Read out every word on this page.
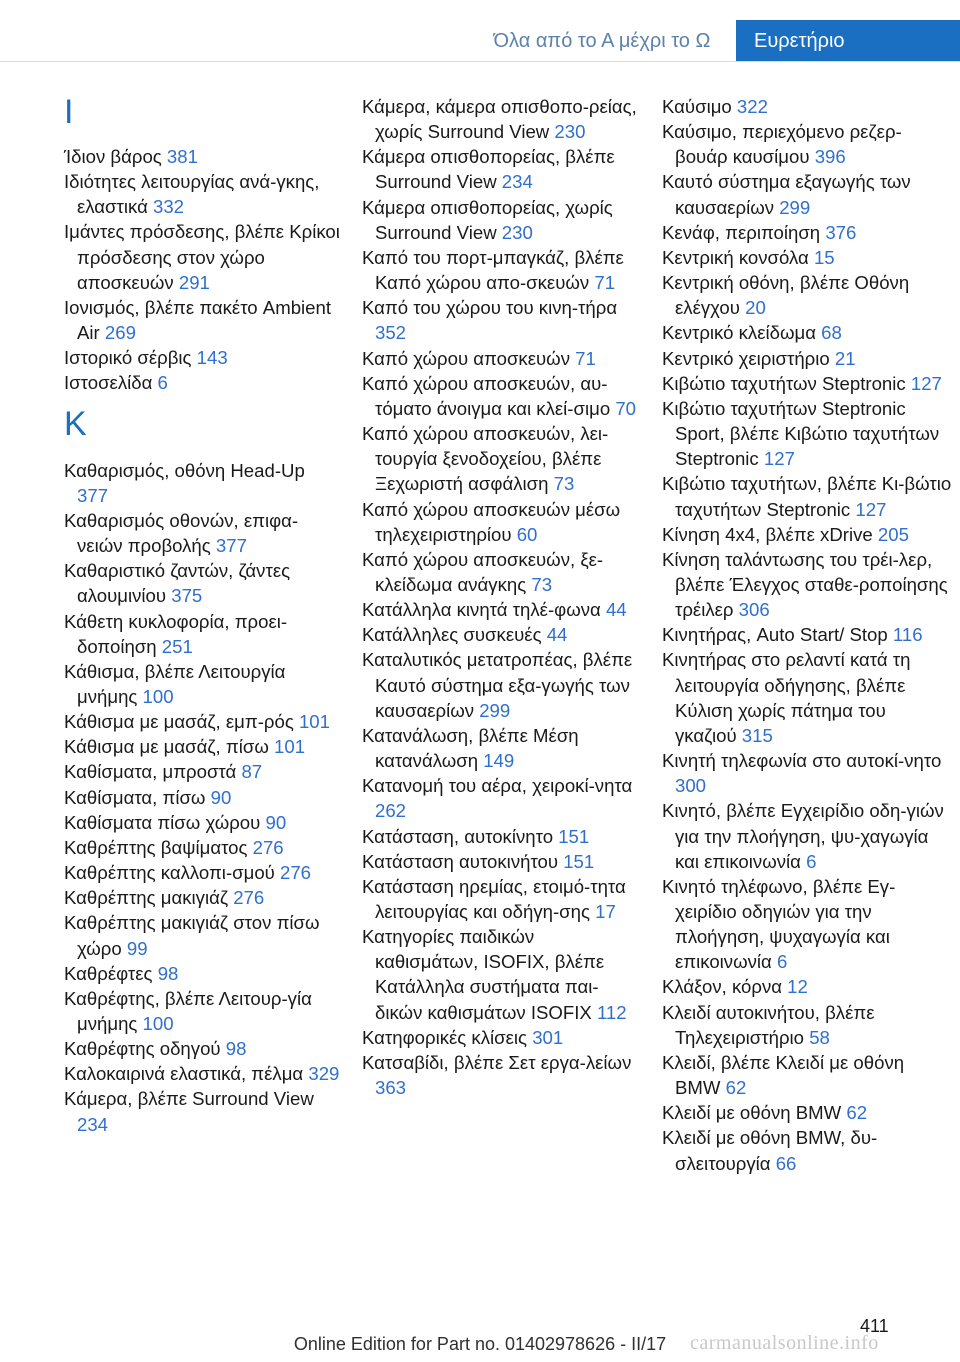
Όλα από το Α μέχρι το Ω	Ευρετήριο
I
Ίδιον βάρος 381
Ιδιότητες λειτουργίας ανά‐γκης, ελαστικά 332
Ιμάντες πρόσδεσης, βλέπε Κρίκοι πρόσδεσης στον χώρο αποσκευών 291
Ιονισμός, βλέπε πακέτο Ambient Air 269
Ιστορικό σέρβις 143
Ιστοσελίδα 6
K
Καθαρισμός, οθόνη Head-Up 377
Καθαρισμός οθονών, επιφα‐νειών προβολής 377
Καθαριστικό ζαντών, ζάντες αλουμινίου 375
Κάθετη κυκλοφορία, προει‐δοποίηση 251
Κάθισμα, βλέπε Λειτουργία μνήμης 100
Κάθισμα με μασάζ, εμπ‐ρός 101
Κάθισμα με μασάζ, πίσω 101
Καθίσματα, μπροστά 87
Καθίσματα, πίσω 90
Καθίσματα πίσω χώρου 90
Καθρέπτης βαψίματος 276
Καθρέπτης καλλοπι‐σμού 276
Καθρέπτης μακιγιάζ 276
Καθρέπτης μακιγιάζ στον πίσω χώρο 99
Καθρέφτες 98
Καθρέφτης, βλέπε Λειτουρ‐γία μνήμης 100
Καθρέφτης οδηγού 98
Καλοκαιρινά ελαστικά, πέλμα 329
Κάμερα, βλέπε Surround View 234
Κάμερα, κάμερα οπισθοπο‐ρείας, χωρίς Surround View 230
Κάμερα οπισθοπορείας, βλέπε Surround View 234
Κάμερα οπισθοπορείας, χωρίς Surround View 230
Καπό του πορτ-μπαγκάζ, βλέπε Καπό χώρου απο‐σκευών 71
Καπό του χώρου του κινη‐τήρα 352
Καπό χώρου αποσκευών 71
Καπό χώρου αποσκευών, αυ‐τόματο άνοιγμα και κλεί‐σιμο 70
Καπό χώρου αποσκευών, λει‐τουργία ξενοδοχείου, βλέπε Ξεχωριστή ασφάλιση 73
Καπό χώρου αποσκευών μέσω τηλεχειριστηρίου 60
Καπό χώρου αποσκευών, ξε‐κλείδωμα ανάγκης 73
Κατάλληλα κινητά τηλέ‐φωνα 44
Κατάλληλες συσκευές 44
Καταλυτικός μετατροπέας, βλέπε Καυτό σύστημα εξα‐γωγής των καυσαερίων 299
Κατανάλωση, βλέπε Μέση κατανάλωση 149
Κατανομή του αέρα, χειροκί‐νητα 262
Κατάσταση, αυτοκίνητο 151
Κατάσταση αυτοκινήτου 151
Κατάσταση ηρεμίας, ετοιμό‐τητα λειτουργίας και οδήγη‐σης 17
Κατηγορίες παιδικών καθισμάτων, ISOFIX, βλέπε Κατάλληλα συστήματα παι‐δικών καθισμάτων ISOFIX 112
Κατηφορικές κλίσεις 301
Κατσαβίδι, βλέπε Σετ εργα‐λείων 363
Καύσιμο 322
Καύσιμο, περιεχόμενο ρεζερ‐βουάρ καυσίμου 396
Καυτό σύστημα εξαγωγής των καυσαερίων 299
Κενάφ, περιποίηση 376
Κεντρική κονσόλα 15
Κεντρική οθόνη, βλέπε Οθόνη ελέγχου 20
Κεντρικό κλείδωμα 68
Κεντρικό χειριστήριο 21
Κιβώτιο ταχυτήτων Steptronic 127
Κιβώτιο ταχυτήτων Steptronic Sport, βλέπε Κιβώτιο ταχυτήτων Steptronic 127
Κιβώτιο ταχυτήτων, βλέπε Κι‐βώτιο ταχυτήτων Steptronic 127
Κίνηση 4x4, βλέπε xDrive 205
Κίνηση ταλάντωσης του τρέι‐λερ, βλέπε Έλεγχος σταθε‐ροποίησης τρέιλερ 306
Κινητήρας, Auto Start/ Stop 116
Κινητήρας στο ρελαντί κατά τη λειτουργία οδήγησης, βλέπε Κύλιση χωρίς πάτημα του γκαζιού 315
Κινητή τηλεφωνία στο αυτοκί‐νητο 300
Κινητό, βλέπε Εγχειρίδιο οδη‐γιών για την πλοήγηση, ψυ‐χαγωγία και επικοινωνία 6
Κινητό τηλέφωνο, βλέπε Εγ‐χειρίδιο οδηγιών για την πλοήγηση, ψυχαγωγία και επικοινωνία 6
Κλάξον, κόρνα 12
Κλειδί αυτοκινήτου, βλέπε Τηλεχειριστήριο 58
Κλειδί, βλέπε Κλειδί με οθόνη BMW 62
Κλειδί με οθόνη BMW 62
Κλειδί με οθόνη BMW, δυ‐σλειτουργία 66
411
Online Edition for Part no. 01402978626 - II/17	carmanualsonline.info
